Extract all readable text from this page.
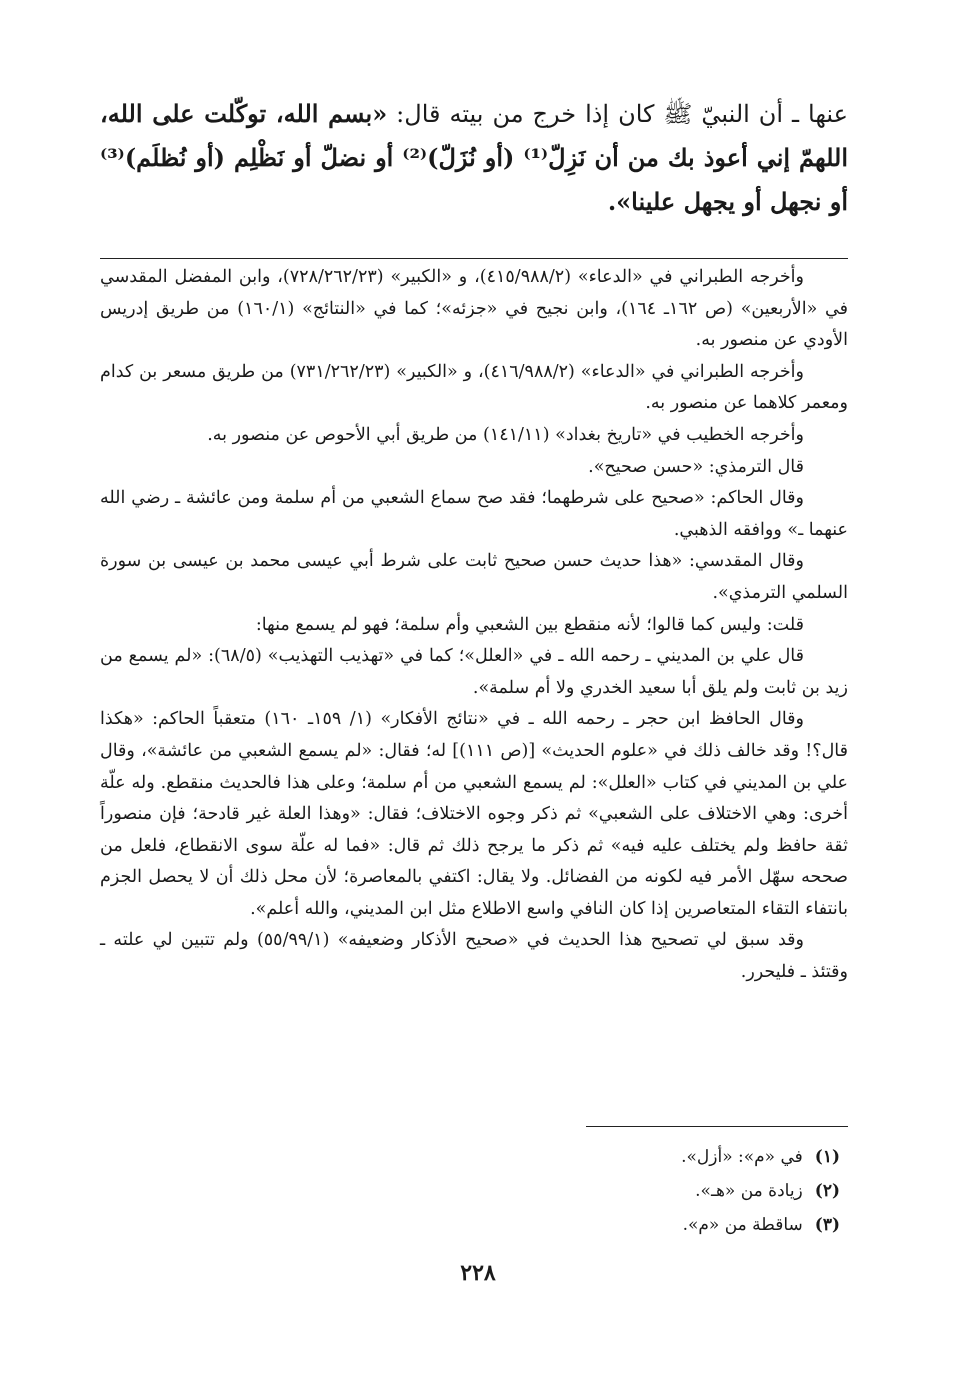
عنها ـ أن النبيّ ﷺ كان إذا خرج من بيته قال: «بسم الله، توكّلت على الله، اللهمّ إني أعوذ بك من أن نَزِلّ⁽¹⁾ (أو نُزَلّ)⁽²⁾ أو نضلّ أو نَظْلِم (أو نُظلَم)⁽³⁾ أو نجهل أو يجهل علينا».

وأخرجه الطبراني في «الدعاء» (٤١٥/٩٨٨/٢)، و «الكبير» (٧٢٨/٢٦٢/٢٣)، وابن المفضل المقدسي في «الأربعين» (ص ١٦٢ـ ١٦٤)، وابن نجيح في «جزئه»؛ كما في «النتائج» (١٦٠/١) من طريق إدريس الأودي عن منصور به.

وأخرجه الطبراني في «الدعاء» (٤١٦/٩٨٨/٢)، و «الكبير» (٧٣١/٢٦٢/٢٣) من طريق مسعر بن كدام ومعمر كلاهما عن منصور به.

وأخرجه الخطيب في «تاريخ بغداد» (١٤١/١١) من طريق أبي الأحوص عن منصور به.

قال الترمذي: «حسن صحيح».

وقال الحاكم: «صحيح على شرطهما؛ فقد صح سماع الشعبي من أم سلمة ومن عائشة ـ رضي الله عنهما ـ» ووافقه الذهبي.

وقال المقدسي: «هذا حديث حسن صحيح ثابت على شرط أبي عيسى محمد بن عيسى بن سورة السلمي الترمذي».

قلت: وليس كما قالوا؛ لأنه منقطع بين الشعبي وأم سلمة؛ فهو لم يسمع منها:

قال علي بن المديني ـ رحمه الله ـ في «العلل»؛ كما في «تهذيب التهذيب» (٦٨/٥): «لم يسمع من زيد بن ثابت ولم يلق أبا سعيد الخدري ولا أم سلمة».

وقال الحافظ ابن حجر ـ رحمه الله ـ في «نتائج الأفكار» (١/ ١٥٩ـ ١٦٠) متعقباً الحاكم: «هكذا قال؟! وقد خالف ذلك في «علوم الحديث» [(ص ١١١)] له؛ فقال: «لم يسمع الشعبي من عائشة»، وقال علي بن المديني في كتاب «العلل»: لم يسمع الشعبي من أم سلمة؛ وعلى هذا فالحديث منقطع. وله علّة أخرى: وهي الاختلاف على الشعبي» ثم ذكر وجوه الاختلاف؛ فقال: «وهذا العلة غير قادحة؛ فإن منصوراً ثقة حافظ ولم يختلف عليه فيه» ثم ذكر ما يرجح ذلك ثم قال: «فما له علّة سوى الانقطاع، فلعل من صححه سهّل الأمر فيه لكونه من الفضائل. ولا يقال: اكتفي بالمعاصرة؛ لأن محل ذلك أن لا يحصل الجزم بانتفاء التقاء المتعاصرين إذا كان النافي واسع الاطلاع مثل ابن المديني، والله أعلم».

وقد سبق لي تصحيح هذا الحديث في «صحيح الأذكار وضعيفه» (٥٥/٩٩/١) ولم تتبين لي علته ـ وقتئذ ـ فليحرر.

(١)في «م»: «أزل».
(٢)زيادة من «هـ».
(٣)ساقطة من «م».
٢٢٨
